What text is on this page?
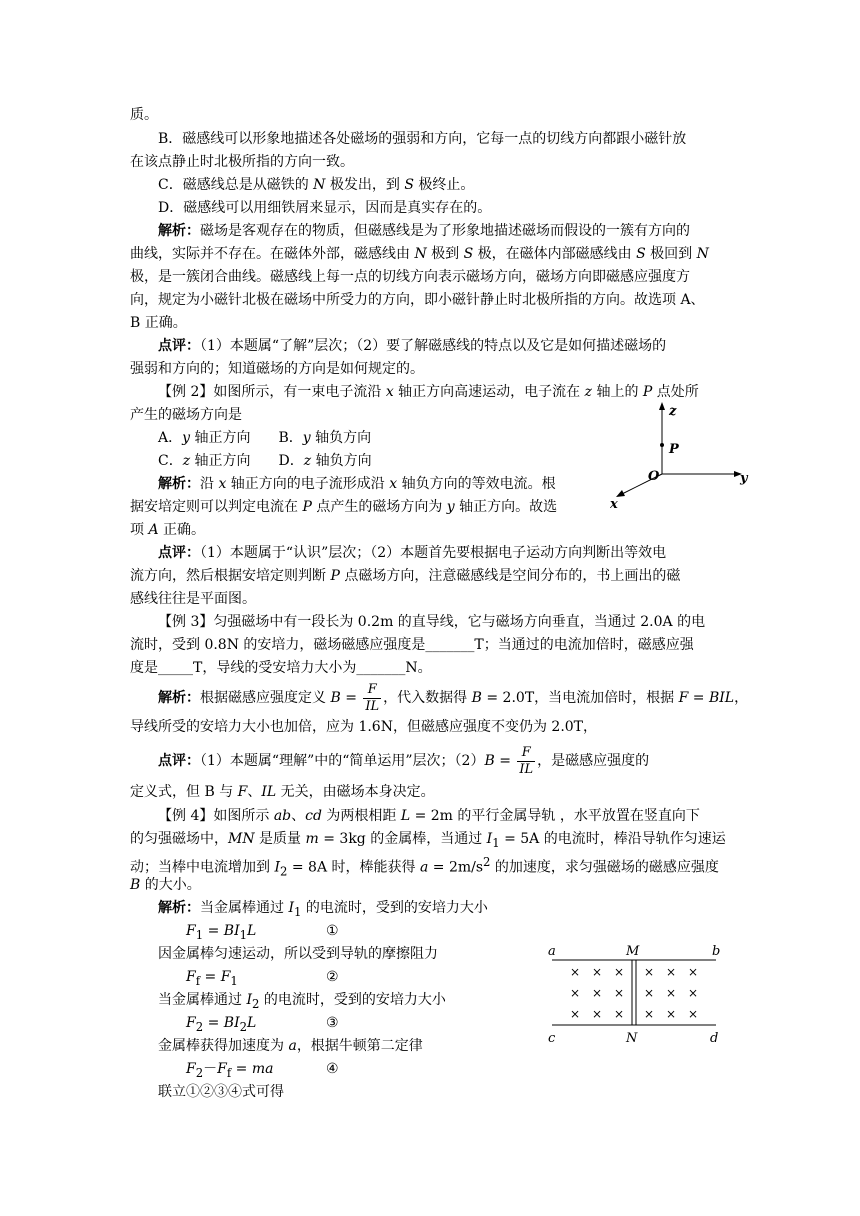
质。
B．磁感线可以形象地描述各处磁场的强弱和方向，它每一点的切线方向都跟小磁针放
在该点静止时北极所指的方向一致。
C．磁感线总是从磁铁的 N 极发出，到 S 极终止。
D．磁感线可以用细铁屑来显示，因而是真实存在的。
解析：磁场是客观存在的物质，但磁感线是为了形象地描述磁场而假设的一簇有方向的
曲线，实际并不存在。在磁体外部，磁感线由 N 极到 S 极，在磁体内部磁感线由 S 极回到 N
极，是一簇闭合曲线。磁感线上每一点的切线方向表示磁场方向，磁场方向即磁感应强度方
向，规定为小磁针北极在磁场中所受力的方向，即小磁针静止时北极所指的方向。故选项 A、
B 正确。
点评：（1）本题属“了解”层次；（2）要了解磁感线的特点以及它是如何描述磁场的
强弱和方向的；知道磁场的方向是如何规定的。
【例 2】如图所示，有一束电子流沿 x 轴正方向高速运动，电子流在 z 轴上的 P 点处所
产生的磁场方向是
A．y 轴正方向　　B．y 轴负方向
C．z 轴正方向　　D．z 轴负方向
解析：沿 x 轴正方向的电子流形成沿 x 轴负方向的等效电流。根
据安培定则可以判定电流在 P 点产生的磁场方向为 y 轴正方向。故选
项 A 正确。
点评：（1）本题属于“认识”层次；（2）本题首先要根据电子运动方向判断出等效电
流方向，然后根据安培定则判断 P 点磁场方向，注意磁感线是空间分布的，书上画出的磁
感线往往是平面图。
【例 3】匀强磁场中有一段长为 0.2m 的直导线，它与磁场方向垂直，当通过 2.0A 的电
流时，受到 0.8N 的安培力，磁场磁感应强度是_______T；当通过的电流加倍时，磁感应强
度是_____T，导线的受安培力大小为_______N。
解析：根据磁感应强度定义 $B = \frac{F}{IL}$ ，代入数据得 B = 2.0T，当电流加倍时，根据 F = BIL，
导线所受的安培力大小也加倍，应为 1.6N，但磁感应强度不变仍为 2.0T，
点评：（1）本题属“理解”中的“简单运用”层次；$(2)B = \frac{F}{IL}$ ，是磁感应强度的
定义式，但 B 与 F、IL 无关，由磁场本身决定。
【例 4】如图所示 ab、cd 为两根相距 L = 2m 的平行金属导轨 ，水平放置在竖直向下
的匀强磁场中，MN 是质量 m = 3kg 的金属棒，当通过 $I_1 = 5A$ 的电流时，棒沿导轨作匀速运
动；当棒中电流增加到 $I_2 = 8A$ 时，棒能获得 $a = 2m/s^2$ 的加速度，求匀强磁场的磁感应强度
B 的大小。
解析：当金属棒通过 $I_1$ 的电流时，受到的安培力大小
$F_1 = BI_1L$	①
因金属棒匀速运动，所以受到导轨的摩擦阻力
$F_f = F_1$	②
当金属棒通过 $I_2$ 的电流时，受到的安培力大小
$F_2 = BI_2L$	③
金属棒获得加速度为 a，根据牛顿第二定律
$F_2-F_f$ = ma	④
联立①②③④式可得
z
P
O	y
x
a	M	b
× × × × × ×
× × × × × ×
× × × × × ×
c	N	d
